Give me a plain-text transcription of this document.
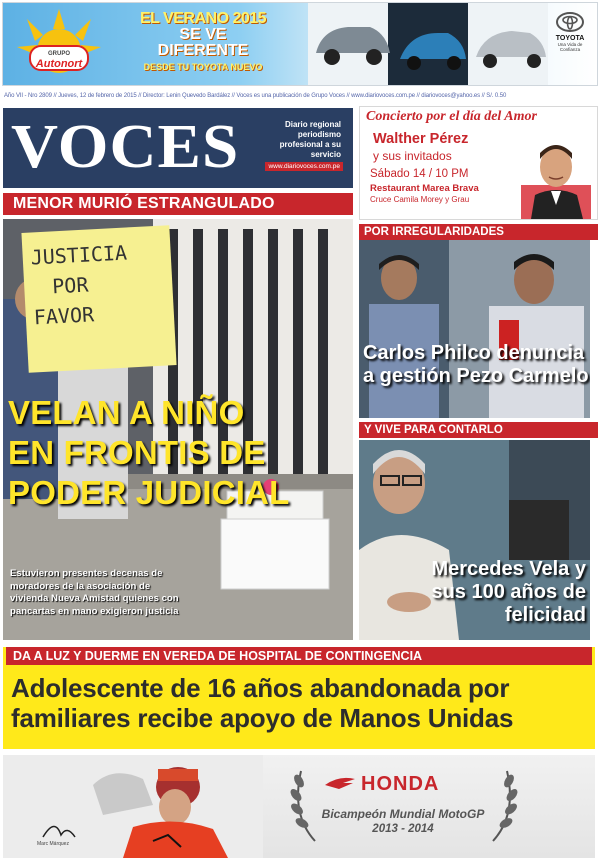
GRUPO
Autonort
EL VERANO 2015
SE VE DIFERENTE
DESDE TU TOYOTA NUEVO
TOYOTA
Una Vida de Confianza
Año VII - Nro 2809 // Jueves, 12 de febrero de 2015 // Director: Lenin Quevedo Bardález // Voces es una publicación de Grupo Voces // www.diariovoces.com.pe // diariovoces@yahoo.es // S/. 0.50
VOCES	Diario regional periodismo profesional a su servicio
www.diariovoces.com.pe
Concierto por el día del Amor
Walther Pérez
y sus invitados
Sábado 14 / 10 PM
Restaurant Marea Brava
Cruce Camila Morey y Grau
MENOR MURIÓ ESTRANGULADO
JUSTICIA
POR
FAVOR
VELAN A NIÑO EN FRONTIS DE PODER JUDICIAL
Estuvieron presentes decenas de moradores de la asociación de vivienda Nueva Amistad quienes con pancartas en mano exigieron justicia
POR IRREGULARIDADES
Carlos Philco denuncia a gestión Pezo Carmelo
Y VIVE PARA CONTARLO
Mercedes Vela y sus 100 años de felicidad
DA A LUZ Y DUERME EN VEREDA DE HOSPITAL DE CONTINGENCIA
Adolescente de 16 años abandonada por familiares recibe apoyo de Manos Unidas
HONDA
Bicampeón Mundial MotoGP
2013 - 2014
Marc Márquez
